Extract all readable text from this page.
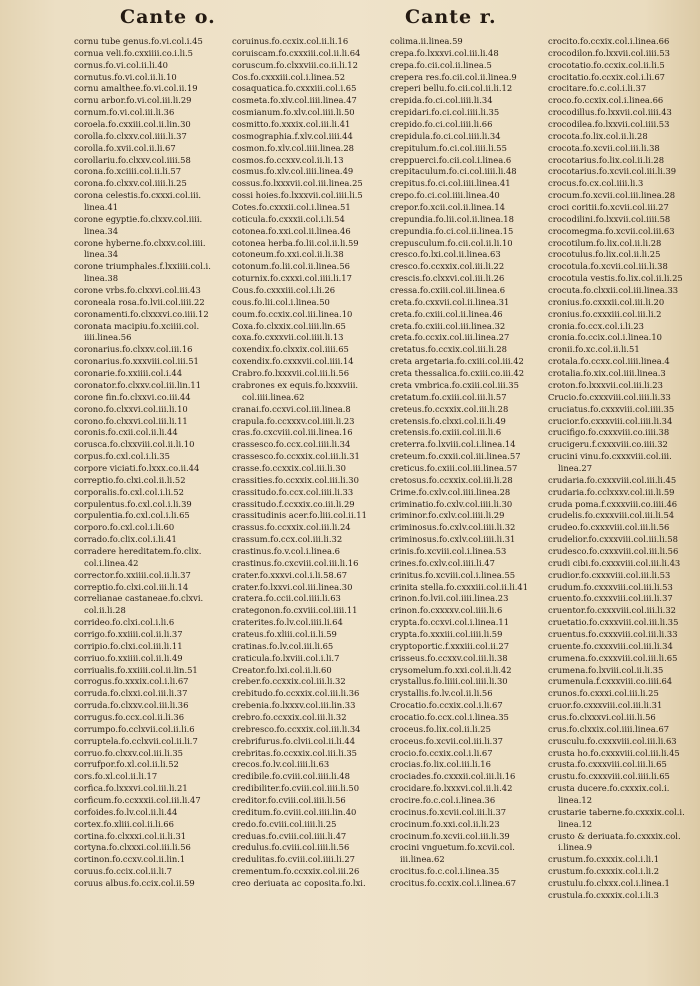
Cante o.	Cante r.
cornu tube genus.fo.vi.col.i.45
cornua veli.fo.cxxiiii.co.i.li.5
cornus.fo.vi.col.ii.li.40
cornutus.fo.vi.col.ii.li.10
cornu amalthee.fo.vi.col.ii.19
cornu arbor.fo.vi.col.iii.li.29
cornum.fo.vi.col.iii.li.36
coroela.fo.cxxiii.col.ii.lin.30
corolla.fo.clxxv.col.iiii.li.37
corolla.fo.xvii.col.ii.li.67
corollariu.fo.clxxv.col.iiii.58
corona.fo.xciiii.col.ii.li.57
corona.fo.clxxv.col.iiii.li.25
corona celestis.fo.cxxxi.col.iii.
linea.41
corone egyptie.fo.clxxv.col.iiii.
linea.34
corone hyberne.fo.clxxv.col.iiii.
linea.34
corone triumphales.f.lxxiiii.col.i.
linea.38
corone vrbs.fo.clxxvi.col.iii.43
coroneala rosa.fo.lvii.col.iiii.22
coronamenti.fo.clxxxvi.co.iiii.12
coronata macipiu.fo.xciiii.col.
iiii.linea.56
coronarius.fo.clxxv.col.iii.16
coronarius.fo.xxxviii.col.iii.51
coronarie.fo.xxiiii.col.i.44
coronator.fo.clxxv.col.iii.lin.11
corone fin.fo.clxxvi.co.iii.44
corono.fo.clxxvi.col.iii.li.10
corono.fo.clxxvi.col.iii.li.11
coronis.fo.cxii.col.ii.li.44
corusca.fo.clxxviii.col.ii.li.10
corpus.fo.cxl.col.i.li.35
corpore viciati.fo.lxxx.co.ii.44
correptio.fo.clxi.col.ii.li.52
corporalis.fo.cxl.col.i.li.52
corpulentus.fo.cxl.col.i.li.39
corpulentia.fo.cxl.col.i.li.65
corporo.fo.cxl.col.i.li.60
corrado.fo.clix.col.i.li.41
corradere hereditatem.fo.clix.
col.i.linea.42
corrector.fo.xxiiii.col.ii.li.37
correptio.fo.clxi.col.iii.li.14
correlianae castaneae.fo.clxvi.
col.ii.li.28
corrideo.fo.clxi.col.i.li.6
corrigo.fo.xxiiii.col.ii.li.37
corripio.fo.clxi.col.iii.li.11
corriuo.fo.xxiiii.col.ii.li.49
corriualis.fo.xxiiii.col.ii.lin.51
corrogus.fo.xxxix.col.i.li.67
corruda.fo.clxxi.col.iii.li.37
corruda.fo.clxxv.col.iii.li.36
corrugus.fo.ccx.col.ii.li.36
corrumpo.fo.cclxvii.col.ii.li.6
corruptela.fo.cclxvii.col.ii.li.7
corruo.fo.clxxv.col.iii.li.35
corrufpor.fo.xl.col.ii.li.52
cors.fo.xl.col.ii.li.17
corfica.fo.lxxxvi.col.iii.li.21
corficum.fo.ccxxxii.col.iii.li.47
corfoides.fo.lv.col.ii.li.44
cortex.fo.xliii.col.ii.li.66
cortina.fo.clxxxi.col.ii.li.31
cortyna.fo.clxxxi.col.iii.li.56
cortinon.fo.ccxv.col.ii.lin.1
coruus.fo.ccix.col.ii.li.7
coruus albus.fo.ccix.col.ii.59
coruinus.fo.ccxix.col.ii.li.16
coruiscam.fo.cxxxiii.col.ii.li.64
coruscum.fo.clxxviii.co.ii.li.12
Cos.fo.cxxxiii.col.i.linea.52
cosaquatica.fo.cxxxiii.col.i.65
cosmeta.fo.xlv.col.iiii.linea.47
cosmianum.fo.xlv.col.iiii.li.50
cosmitto.fo.xxxix.col.iii.li.41
cosmographia.f.xlv.col.iiii.44
cosmon.fo.xlv.col.iiii.linea.28
cosmos.fo.ccxxv.col.ii.li.13
cosmus.fo.xlv.col.iiii.linea.49
cossus.fo.lxxxvii.col.iii.linea.25
cossi hoies.fo.lxxxvii.col.iiii.li.5
Cotes.fo.cxxxii.col.i.linea.51
coticula.fo.cxxxii.col.i.li.54
cotonea.fo.xxi.col.ii.linea.46
cotonea herba.fo.lii.col.ii.li.59
cotoneum.fo.xxi.col.ii.li.38
cotonum.fo.lii.col.ii.linea.56
coturnix.fo.cxxxi.col.iiii.li.17
Cous.fo.cxxxiii.col.i.li.26
cous.fo.lii.col.i.linea.50
coum.fo.ccxix.col.iii.linea.10
Coxa.fo.clxxix.col.iiii.lin.65
coxa.fo.cxxxvii.col.iiii.li.13
coxendix.fo.clxxix.col.iiii.65
coxendix.fo.cxxxvii.col.iiii.14
Crabro.fo.lxxxvii.col.iii.li.56
crabrones ex equis.fo.lxxxviii.
col.iiii.linea.62
cranai.fo.ccxvi.col.iii.linea.8
crapula.fo.ccxxxv.col.iiii.li.23
cras.fo.cxcviii.col.iii.linea.16
crassesco.fo.ccx.col.iiii.li.34
crassesco.fo.ccxxix.col.iii.li.31
crasse.fo.ccxxix.col.iii.li.30
crassities.fo.ccxxix.col.iii.li.30
crassitudo.fo.ccx.col.iiii.li.33
crassitudo.f.ccxxix.co.iii.li.29
crassitudinis acer.fo.liii.col.ii.11
crassus.fo.ccxxix.col.iii.li.24
crassum.fo.ccx.col.iii.li.32
crastinus.fo.v.col.i.linea.6
crastinus.fo.cxcviii.col.iii.li.16
crater.fo.xxxvi.col.i.li.58.67
crater.fo.lxxvi.col.iii.linea.30
cratera.fo.ccii.col.iiii.li.63
crategonon.fo.cxviii.col.iiii.11
craterites.fo.lv.col.iiii.li.64
crateus.fo.xliii.col.ii.li.59
cratinas.fo.lv.col.iii.li.65
craticula.fo.lxviii.col.i.li.7
Creator.fo.lxi.col.ii.li.60
creber.fo.ccxxix.col.iii.li.32
crebitudo.fo.ccxxix.col.iii.li.36
crebenia.fo.lxxxv.col.iii.lin.33
crebro.fo.ccxxix.col.iii.li.32
crebresco.fo.ccxxix.col.iii.li.34
crebrifurus.fo.clvii.col.ii.li.44
crebritas.fo.ccxxix.col.iii.li.35
crecos.fo.lv.col.iiii.li.63
credibile.fo.cviii.col.iiii.li.48
credibiliter.fo.cviii.col.iiii.li.50
creditor.fo.cviii.col.iiii.li.56
creditum.fo.cviii.col.iiii.lin.40
credo.fo.cviii.col.iiii.li.25
creduas.fo.cviii.col.iiii.li.47
credulus.fo.cviii.col.iiii.li.56
credulitas.fo.cviii.col.iiii.li.27
crementum.fo.ccxxix.col.iii.26
creo deriuata ac coposita.fo.lxi.
colima.ii.linea.59
crepa.fo.lxxxvi.col.iii.li.48
crepa.fo.cii.col.ii.linea.5
crepera res.fo.cii.col.ii.linea.9
creperi bellu.fo.cii.col.ii.li.12
crepida.fo.ci.col.iiii.li.34
crepidari.fo.ci.col.iiii.li.35
crepido.fo.ci.col.iiii.li.66
crepidula.fo.ci.col.iiii.li.34
crepitulum.fo.ci.col.iiii.li.55
creppuerci.fo.cii.col.i.linea.6
crepitaculum.fo.ci.col.iiii.li.48
crepitus.fo.ci.col.iiii.linea.41
crepo.fo.ci.col.iiii.linea.40
crepor.fo.xcii.col.ii.linea.14
crepundia.fo.lii.col.ii.linea.18
crepundia.fo.ci.col.ii.linea.15
crepusculum.fo.cii.col.ii.li.10
cresco.fo.lxi.col.ii.linea.63
cresco.fo.ccxxix.col.iii.li.22
crescis.fo.clxxvi.col.iii.li.26
cressa.fo.cxiii.col.iii.linea.6
creta.fo.cxxvii.col.ii.linea.31
creta.fo.cxiii.col.ii.linea.46
creta.fo.cxiii.col.iii.linea.32
creta.fo.ccxix.col.iii.linea.27
cretatus.fo.ccxix.col.iii.li.28
creta argetaria.fo.cxiii.col.iii.42
creta thessalica.fo.cxiii.co.iii.42
creta vmbrica.fo.cxiii.col.iii.35
cretatum.fo.cxiii.col.iii.li.57
creteus.fo.ccxxix.col.iii.li.28
cretensis.fo.clxxi.col.ii.li.49
cretensis.fo.cxiii.col.iii.li.6
creterra.fo.lxviii.col.i.linea.14
creteum.fo.cxxii.col.iii.linea.57
creticus.fo.cxiii.col.iii.linea.57
cretosus.fo.ccxxix.col.iii.li.28
Crime.fo.cxlv.col.iiii.linea.28
criminatio.fo.cxlv.col.iiii.li.30
criminor.fo.cxlv.col.iiii.li.29
criminosus.fo.cxlv.col.iiii.li.32
criminosus.fo.cxlv.col.iiii.li.31
crinis.fo.xcviii.col.i.linea.53
crines.fo.cxlv.col.iiii.li.47
crinitus.fo.xcviii.col.i.linea.55
crinita stella.fo.cxxxiii.col.ii.li.41
crinon.fo.lvii.col.iiii.linea.23
crinon.fo.cxxxxv.col.iiii.li.6
crypta.fo.ccxvi.col.i.linea.11
crypta.fo.xxxiii.col.iiii.li.59
cryptoportic.f.xxxiii.col.ii.27
crisseus.fo.ccxxv.col.iii.li.38
crysomelum.fo.xxi.col.ii.li.42
crystallus.fo.liiii.col.iiii.li.30
crystallis.fo.lv.col.ii.li.56
Crocatio.fo.ccxix.col.i.li.67
crocatio.fo.ccx.col.i.linea.35
croceus.fo.lix.col.ii.li.25
croceus.fo.xcvii.col.iii.li.37
crocio.fo.ccxix.col.i.li.67
crocias.fo.lix.col.iii.li.16
crociades.fo.cxxxii.col.iii.li.16
crocidare.fo.lxxxvi.col.ii.li.42
crocire.fo.c.col.i.linea.36
crocinus.fo.xcvii.col.iii.li.37
crocinum.fo.xxi.col.ii.li.23
crocinum.fo.xcvii.col.iii.li.39
crocini vnguetum.fo.xcvii.col.
iii.linea.62
crocitus.fo.c.col.i.linea.35
crocitus.fo.ccxix.col.i.linea.67
crocito.fo.ccxix.col.i.linea.66
crocodilon.fo.lxxvii.col.iiii.53
crocotatio.fo.ccxix.col.ii.li.5
crocitatio.fo.ccxix.col.i.li.67
crocitare.fo.c.col.i.li.37
croco.fo.ccxix.col.i.linea.66
crocodillus.fo.lxxvii.col.iiii.43
crocodilea.fo.lxxvii.col.iiii.53
crocota.fo.lix.col.ii.li.28
crocota.fo.xcvii.col.iii.li.38
crocotarius.fo.lix.col.ii.li.28
crocotarius.fo.xcvii.col.iii.li.39
crocus.fo.cx.col.iiii.li.3
crocum.fo.xcvii.col.iii.linea.28
croci coritii.fo.xcvii.col.iii.27
crocodilini.fo.lxxvii.col.iiii.58
crocomegma.fo.xcvii.col.iii.63
crocotilum.fo.lix.col.ii.li.28
crocotulus.fo.lix.col.ii.li.25
crocotula.fo.xcvii.col.iii.li.38
crocotula vestis.fo.lix.col.ii.li.25
crocuta.fo.clxxii.col.iii.linea.33
cronius.fo.cxxxii.col.iii.li.20
cronius.fo.cxxxiii.col.iii.li.2
cronia.fo.ccx.col.i.li.23
cronia.fo.ccix.col.i.linea.10
cronii.fo.xc.col.ii.li.51
crotala.fo.ccxx.col.iiii.linea.4
crotalia.fo.xix.col.iiii.linea.3
croton.fo.lxxxvii.col.iii.li.23
Crucio.fo.cxxxviii.col.iiii.li.33
cruciatus.fo.cxxxviii.col.iiii.35
crucior.fo.cxxxviii.col.iiii.li.34
crucifigo.fo.cxxxviii.co.iiii.38
crucigeru.f.cxxxviii.co.iiii.32
crucini vinu.fo.cxxxviii.col.iii.
linea.27
crudaria.fo.cxxxviii.col.iii.li.45
crudaria.fo.cclxxxv.col.iii.li.59
cruda poma.f.cxxxviii.co.iiii.46
crudelis.fo.cxxxviii.col.iii.li.54
crudeo.fo.cxxxviii.col.iii.li.56
crudelior.fo.cxxxviii.col.iii.li.58
crudesco.fo.cxxxviii.col.iii.li.56
crudi cibi.fo.cxxxviii.col.iii.li.43
crudior.fo.cxxxviii.col.iii.li.53
crudum.fo.cxxxviii.col.iii.li.53
cruento.fo.cxxxviii.col.iii.li.37
cruentor.fo.cxxxviii.col.iii.li.32
cruetatio.fo.cxxxviii.col.iii.li.35
cruentus.fo.cxxxviii.col.iii.li.33
cruente.fo.cxxxviii.col.iii.li.34
crumena.fo.cxxxviii.col.iii.li.65
crumena.fo.lxviii.col.ii.li.35
crumenula.f.cxxxviii.co.iiii.64
crunos.fo.cxxxi.col.iii.li.25
cruor.fo.cxxxviii.col.iii.li.31
crus.fo.clxxxvi.col.iii.li.56
crus.fo.clxxix.col.iiii.linea.67
crusculu.fo.cxxxviii.col.iii.li.63
crusta ho.fo.cxxxviii.col.iii.li.45
crusta.fo.cxxxviii.col.iii.li.65
crustu.fo.cxxxviii.col.iiii.li.65
crusta ducere.fo.cxxxix.col.i.
linea.12
crustarie taberne.fo.cxxxix.col.i.
linea.12
crusto & deriuata.fo.cxxxix.col.
i.linea.9
crustum.fo.cxxxix.col.i.li.1
crustum.fo.cxxxix.col.i.li.2
crustulu.fo.clxxx.col.i.linea.1
crustula.fo.cxxxix.col.i.li.3
